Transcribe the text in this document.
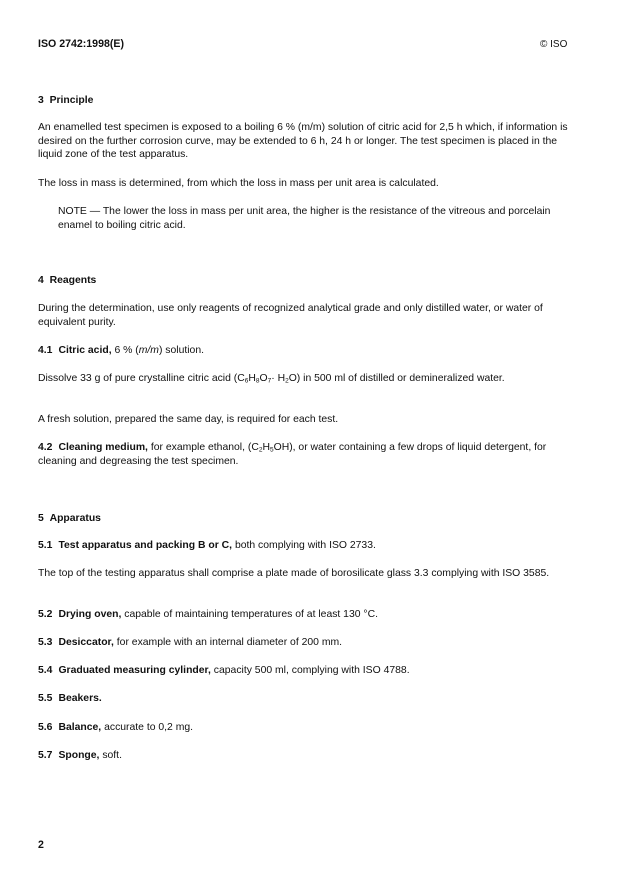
ISO 2742:1998(E)	© ISO
3 Principle

An enamelled test specimen is exposed to a boiling 6 % (m/m) solution of citric acid for 2,5 h which, if information is desired on the further corrosion curve, may be extended to 6 h, 24 h or longer. The test specimen is placed in the liquid zone of the test apparatus.

The loss in mass is determined, from which the loss in mass per unit area is calculated.

NOTE — The lower the loss in mass per unit area, the higher is the resistance of the vitreous and porcelain enamel to boiling citric acid.

4 Reagents

During the determination, use only reagents of recognized analytical grade and only distilled water, or water of equivalent purity.

4.1 Citric acid, 6 % (m/m) solution.

Dissolve 33 g of pure crystalline citric acid $(C_6H_8O_7\cdot H_2O)$ in 500 ml of distilled or demineralized water.

A fresh solution, prepared the same day, is required for each test.

4.2 Cleaning medium, for example ethanol, $(C_2H_5OH)$, or water containing a few drops of liquid detergent, for cleaning and degreasing the test specimen.

5 Apparatus

5.1 Test apparatus and packing B or C, both complying with ISO 2733.

The top of the testing apparatus shall comprise a plate made of borosilicate glass 3.3 complying with ISO 3585.

5.2 Drying oven, capable of maintaining temperatures of at least 130 °C.

5.3 Desiccator, for example with an internal diameter of 200 mm.

5.4 Graduated measuring cylinder, capacity 500 ml, complying with ISO 4788.

5.5 Beakers.

5.6 Balance, accurate to 0,2 mg.

5.7 Sponge, soft.

2
